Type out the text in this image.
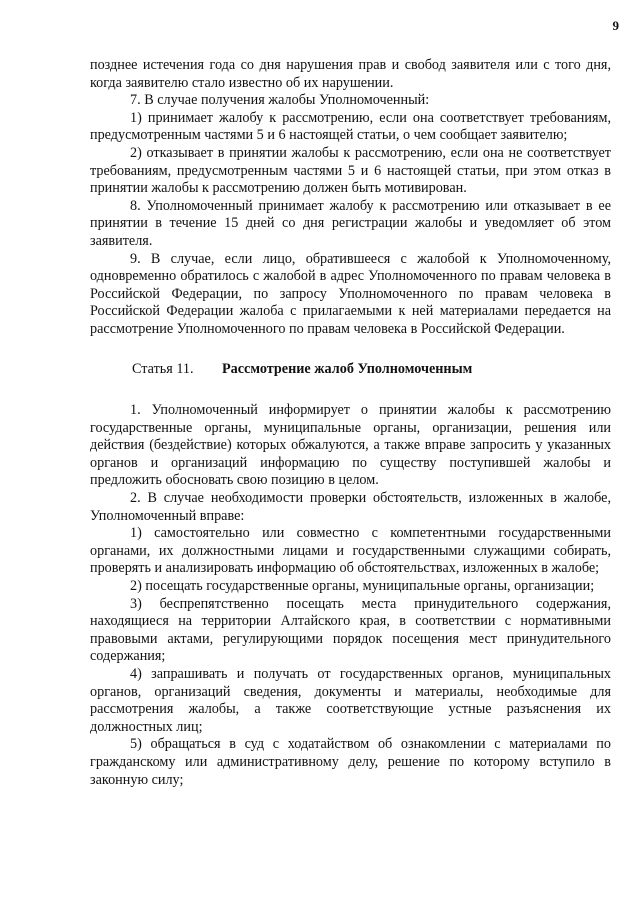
9

позднее истечения года со дня нарушения прав и свобод заявителя или с того дня, когда заявителю стало известно об их нарушении.

7. В случае получения жалобы Уполномоченный:

1) принимает жалобу к рассмотрению, если она соответствует требованиям, предусмотренным частями 5 и 6 настоящей статьи, о чем сообщает заявителю;

2) отказывает в принятии жалобы к рассмотрению, если она не соответствует требованиям, предусмотренным частями 5 и 6 настоящей статьи, при этом отказ в принятии жалобы к рассмотрению должен быть мотивирован.

8. Уполномоченный принимает жалобу к рассмотрению или отказывает в ее принятии в течение 15 дней со дня регистрации жалобы и уведомляет об этом заявителя.

9. В случае, если лицо, обратившееся с жалобой к Уполномоченному, одновременно обратилось с жалобой в адрес Уполномоченного по правам человека в Российской Федерации, по запросу Уполномоченного по правам человека в Российской Федерации жалоба с прилагаемыми к ней материалами передается на рассмотрение Уполномоченного по правам человека в Российской Федерации.

Статья 11. Рассмотрение жалоб Уполномоченным

1. Уполномоченный информирует о принятии жалобы к рассмотрению государственные органы, муниципальные органы, организации, решения или действия (бездействие) которых обжалуются, а также вправе запросить у указанных органов и организаций информацию по существу поступившей жалобы и предложить обосновать свою позицию в целом.

2. В случае необходимости проверки обстоятельств, изложенных в жалобе, Уполномоченный вправе:

1) самостоятельно или совместно с компетентными государственными органами, их должностными лицами и государственными служащими собирать, проверять и анализировать информацию об обстоятельствах, изложенных в жалобе;

2) посещать государственные органы, муниципальные органы, организации;

3) беспрепятственно посещать места принудительного содержания, находящиеся на территории Алтайского края, в соответствии с нормативными правовыми актами, регулирующими порядок посещения мест принудительного содержания;

4) запрашивать и получать от государственных органов, муниципальных органов, организаций сведения, документы и материалы, необходимые для рассмотрения жалобы, а также соответствующие устные разъяснения их должностных лиц;

5) обращаться в суд с ходатайством об ознакомлении с материалами по гражданскому или административному делу, решение по которому вступило в законную силу;
